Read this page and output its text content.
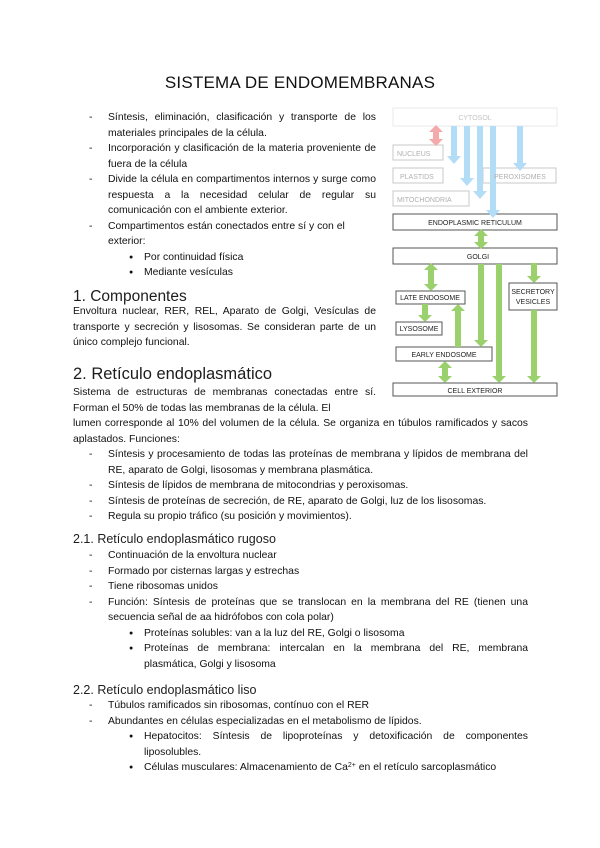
SISTEMA DE ENDOMEMBRANAS
- Síntesis, eliminación, clasificación y transporte de los materiales principales de la célula.
- Incorporación y clasificación de la materia proveniente de fuera de la célula
- Divide la célula en compartimentos internos y surge como respuesta a la necesidad celular de regular su comunicación con el ambiente exterior.
- Compartimentos están conectados entre sí y con el exterior:
● Por continuidad física
● Mediante vesículas
1. Componentes
Envoltura nuclear, RER, REL, Aparato de Golgi, Vesículas de transporte y secreción y lisosomas. Se consideran parte de un único complejo funcional.
2. Retículo endoplasmático
Sistema de estructuras de membranas conectadas entre sí. Forman el 50% de todas las membranas de la célula. El
lumen corresponde al 10% del volumen de la célula. Se organiza en túbulos ramificados y sacos aplastados. Funciones:
- Síntesis y procesamiento de todas las proteínas de membrana y lípidos de membrana del RE, aparato de Golgi, lisosomas y membrana plasmática.
- Síntesis de lípidos de membrana de mitocondrias y peroxisomas.
- Síntesis de proteínas de secreción, de RE, aparato de Golgi, luz de los lisosomas.
- Regula su propio tráfico (su posición y movimientos).
2.1. Retículo endoplasmático rugoso
- Continuación de la envoltura nuclear
- Formado por cisternas largas y estrechas
- Tiene ribosomas unidos
- Función: Síntesis de proteínas que se translocan en la membrana del RE (tienen una secuencia señal de aa hidrófobos con cola polar)
● Proteínas solubles: van a la luz del RE, Golgi o lisosoma
● Proteínas de membrana: intercalan en la membrana del RE, membrana plasmática, Golgi y lisosoma
2.2. Retículo endoplasmático liso
- Túbulos ramificados sin ribosomas, contínuo con el RER
- Abundantes en células especializadas en el metabolismo de lípidos.
● Hepatocitos: Síntesis de lipoproteínas y detoxificación de componentes liposolubles.
● Células musculares: Almacenamiento de $Ca^{2+}$ en el retículo sarcoplasmático
CYTOSOL
NUCLEUS
PLASTIDS
MITOCHONDRIA
PEROXISOMES
ENDOPLASMIC RETICULUM
GOLGI
LATE ENDOSOME
SECRETORY
VESICLES
LYSOSOME
EARLY ENDOSOME
CELL EXTERIOR
